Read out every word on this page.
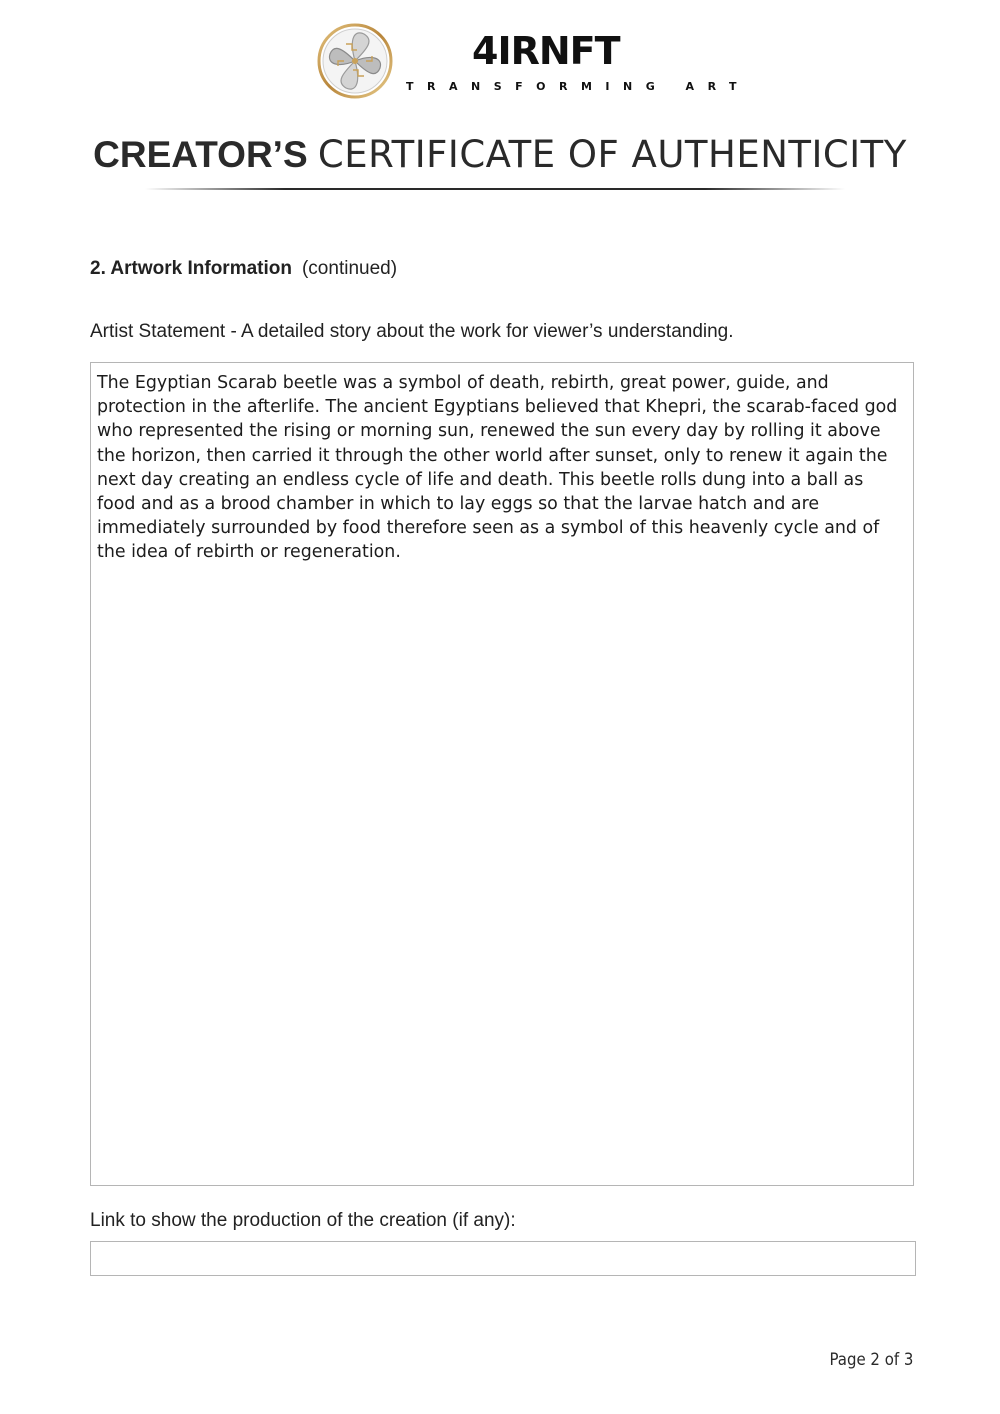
4IRNFT
TRANSFORMING ART
CREATOR’S CERTIFICATE OF AUTHENTICITY
2. Artwork Information (continued)
Artist Statement - A detailed story about the work for viewer’s understanding.
The Egyptian Scarab beetle was a symbol of death, rebirth, great power, guide, and protection in the afterlife. The ancient Egyptians believed that Khepri, the scarab-faced god who represented the rising or morning sun, renewed the sun every day by rolling it above the horizon, then carried it through the other world after sunset, only to renew it again the next day creating an endless cycle of life and death. This beetle rolls dung into a ball as food and as a brood chamber in which to lay eggs so that the larvae hatch and are immediately surrounded by food therefore seen as a symbol of this heavenly cycle and of the idea of rebirth or regeneration.
Link to show the production of the creation (if any):
Page 2 of 3
